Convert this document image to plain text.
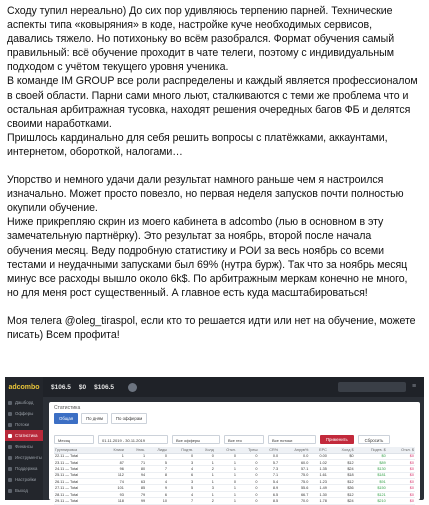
Сходу тупил нереально) До сих пор удивляюсь терпению парней. Технические
аспекты типа «ковыряния» в коде, настройке куче необходимых сервисов,
давались тяжело. Но потихоньку во всём разобрался. Формат обучения самый
правильный: всё обучение проходит в чате телеги, поэтому с индивидуальным
подходом с учётом текущего уровня ученика.
В команде IM GROUP все роли распределены и каждый является профессионалом
в своей области. Парни сами много льют, сталкиваются с теми же проблема что и
остальная арбитражная тусовка, находят решения очередных багов ФБ и делятся
своими наработками.
Пришлось кардинально для себя решить вопросы с платёжками, аккаунтами,
интернетом, обороткой, налогами…

Упорство и немного удачи дали результат намного раньше чем я настроился
изначально. Может просто повезло, но первая неделя запусков почти полностью
окупили обучение.
Ниже прикрепляю скрин из моего кабинета в adcombo (лью в основном в эту
замечательную партнёрку). Это результат за ноябрь, второй после начала
обучения месяц. Веду подробную статистику и РОИ за весь ноябрь со всеми
тестами и неудачными запусками был 69% (нутра бурж). Так что за ноябрь месяц
минус все расходы вышло около 6k$. По арбитражным меркам конечно не много,
но для меня рост существенный. А главное есть куда масштабироваться!

Моя телега @oleg_tiraspol, если кто то решается идти или нет на обучение, можете
писать) Всем профита!

adcombo	$106.5 $0 $106.5	≡
Дашборд
Офферы
Потоки
Статистика
Финансы
Инструменты
Поддержка
Настройки
Выход
Статистика
Общая	По дням	По офферам
Месяц	01.11.2019 - 30.11.2019	Все офферы	Все гео	Все потоки	Применить	Сбросить
Группировка	Клики	Уник.	Лиды	Подтв.	Холд	Откл.	Треш	CR%	Апрув%	EPC	Холд $	Подтв. $	Откл. $
22.11 — Total	1	1	0	0	0	0	0	0.0	0.0	0.00	$0	$0	$0
23.11 — Total	87	71	5	3	1	1	0	5.7	60.0	1.02	$12	$89	$0
24.11 — Total	96	80	7	4	2	1	0	7.3	57.1	1.35	$24	$130	$0
25.11 — Total	112	94	8	6	1	1	0	7.1	75.0	1.61	$18	$181	$0
26.11 — Total	74	63	4	3	1	0	0	5.4	75.0	1.23	$12	$91	$0
27.11 — Total	101	85	9	5	3	1	0	8.9	55.6	1.49	$36	$150	$0
28.11 — Total	93	79	6	4	1	1	0	6.5	66.7	1.30	$12	$121	$0
29.11 — Total	118	99	10	7	2	1	0	8.5	70.0	1.78	$24	$210	$0
